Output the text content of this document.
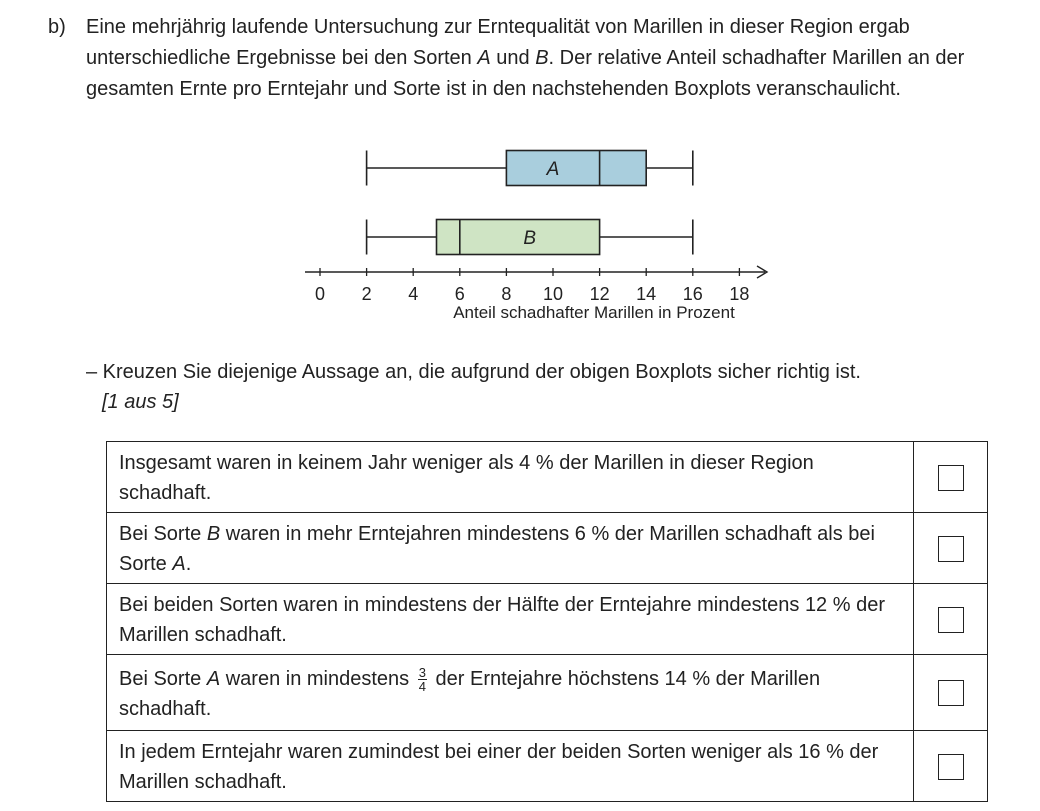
b) Eine mehrjährig laufende Untersuchung zur Erntequalität von Marillen in dieser Region ergab unterschiedliche Ergebnisse bei den Sorten A und B. Der relative Anteil schadhafter Marillen an der gesamten Ernte pro Erntejahr und Sorte ist in den nachstehenden Boxplots veranschaulicht.

A
B
0 2 4 6 8 10 12 14 16 18
Anteil schadhafter Marillen in Prozent
– Kreuzen Sie diejenige Aussage an, die aufgrund der obigen Boxplots sicher richtig ist.
[1 aus 5]
Insgesamt waren in keinem Jahr weniger als 4 % der Marillen in dieser Region schadhaft.	
Bei Sorte B waren in mehr Erntejahren mindestens 6 % der Marillen schadhaft als bei Sorte A.	
Bei beiden Sorten waren in mindestens der Hälfte der Erntejahre mindestens 12 % der Marillen schadhaft.	
Bei Sorte A waren in mindestens $\frac{3}{4}$ der Erntejahre höchstens 14 % der Marillen schadhaft.	
In jedem Erntejahr waren zumindest bei einer der beiden Sorten weniger als 16 % der Marillen schadhaft.	
